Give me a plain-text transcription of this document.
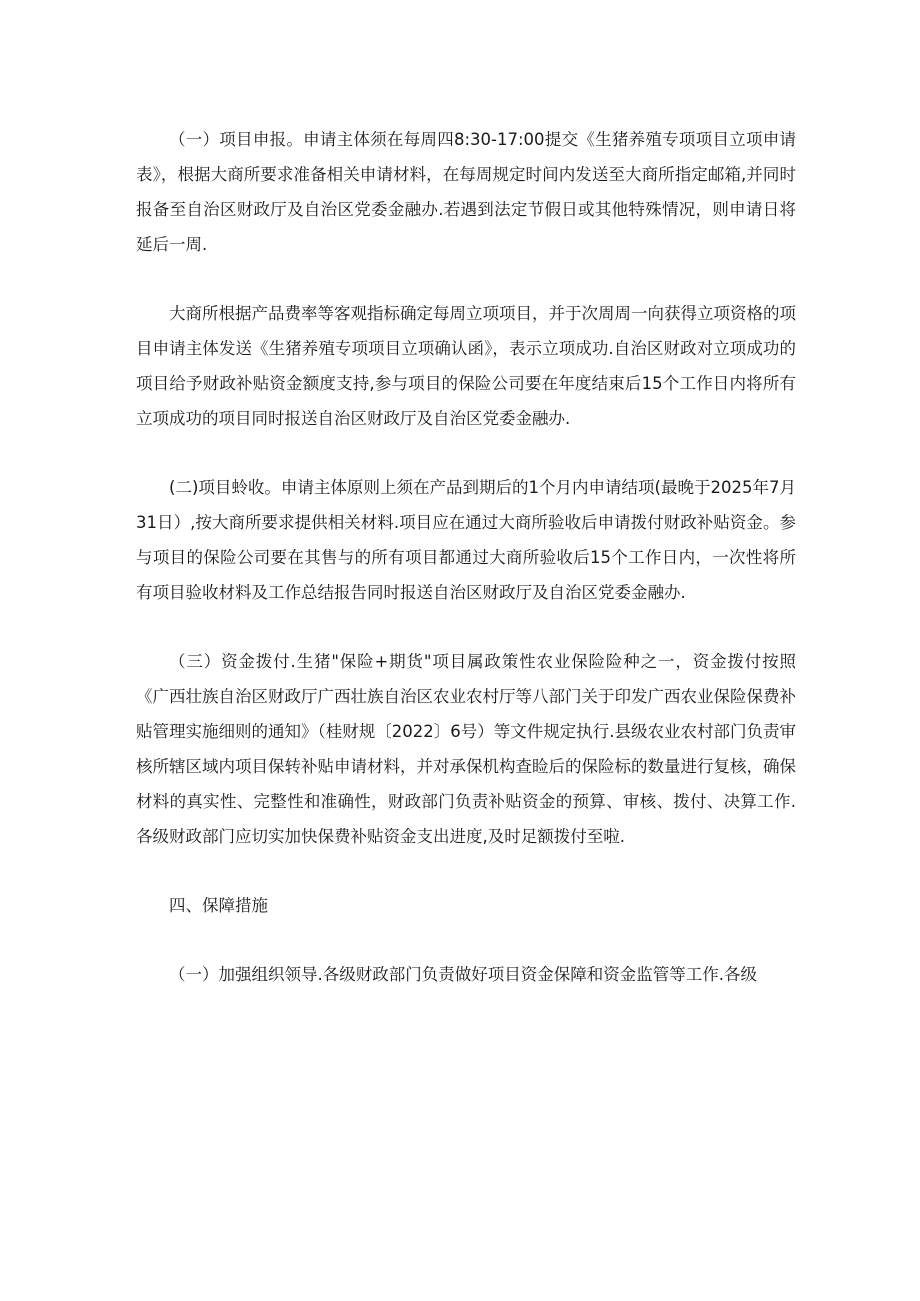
（一）项目申报。申请主体须在每周四8:30-17:00提交《生猪养殖专项项目立项申请表》，根据大商所要求准备相关申请材料，在每周规定时间内发送至大商所指定邮箱,并同时报备至自治区财政厅及自治区党委金融办.若遇到法定节假日或其他特殊情况，则申请日将延后一周.

大商所根据产品费率等客观指标确定每周立项项目，并于次周周一向获得立项资格的项目申请主体发送《生猪养殖专项项目立项确认函》，表示立项成功.自治区财政对立项成功的项目给予财政补贴资金额度支持,参与项目的保险公司要在年度结束后15个工作日内将所有立项成功的项目同时报送自治区财政厅及自治区党委金融办.

(二)项目蛉收。申请主体原则上须在产品到期后的1个月内申请结项(最晚于2025年7月31日）,按大商所要求提供相关材料.项目应在通过大商所验收后申请拨付财政补贴资金。参与项目的保险公司要在其售与的所有项目都通过大商所验收后15个工作日内，一次性将所有项目验收材料及工作总结报告同时报送自治区财政厅及自治区党委金融办.

（三）资金拨付.生猪"保险+期货"项目属政策性农业保险险种之一，资金拨付按照《广西壮族自治区财政厅广西壮族自治区农业农村厅等八部门关于印发广西农业保险保费补贴管理实施细则的通知》（桂财规〔2022〕6号）等文件规定执行.县级农业农村部门负责审核所辖区域内项目保转补贴申请材料，并对承保机构查睑后的保险标的数量进行复核，确保材料的真实性、完整性和准确性，财政部门负责补贴资金的预算、审核、拨付、决算工作.各级财政部门应切实加快保费补贴资金支出进度,及时足额拨付至啦.

四、保障措施

（一）加强组织领导.各级财政部门负责做好项目资金保障和资金监管等工作.各级
